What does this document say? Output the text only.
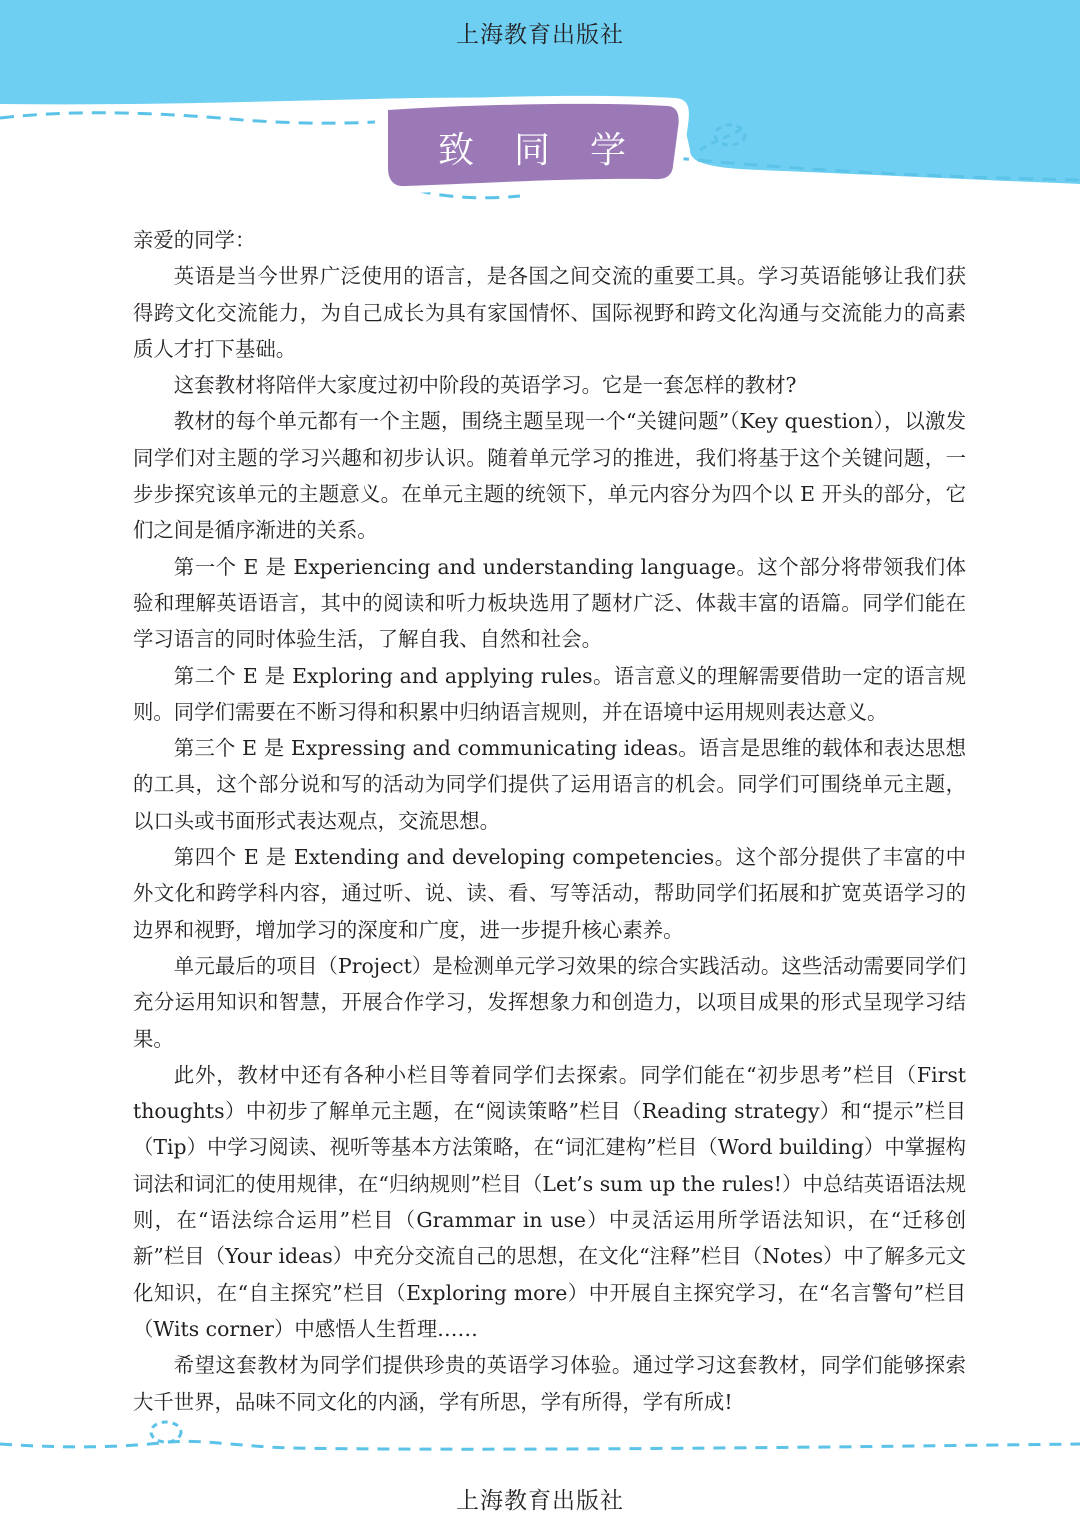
上海教育出版社
致同学

亲爱的同学：

英语是当今世界广泛使用的语言，是各国之间交流的重要工具。学习英语能够让我们获得跨文化交流能力，为自己成长为具有家国情怀、国际视野和跨文化沟通与交流能力的高素质人才打下基础。

这套教材将陪伴大家度过初中阶段的英语学习。它是一套怎样的教材?

教材的每个单元都有一个主题，围绕主题呈现一个“关键问题”（Key question），以激发同学们对主题的学习兴趣和初步认识。随着单元学习的推进，我们将基于这个关键问题，一步步探究该单元的主题意义。在单元主题的统领下，单元内容分为四个以 E 开头的部分，它们之间是循序渐进的关系。

第一个 E 是 Experiencing and understanding language。这个部分将带领我们体验和理解英语语言，其中的阅读和听力板块选用了题材广泛、体裁丰富的语篇。同学们能在学习语言的同时体验生活，了解自我、自然和社会。

第二个 E 是 Exploring and applying rules。语言意义的理解需要借助一定的语言规则。同学们需要在不断习得和积累中归纳语言规则，并在语境中运用规则表达意义。

第三个 E 是 Expressing and communicating ideas。语言是思维的载体和表达思想的工具，这个部分说和写的活动为同学们提供了运用语言的机会。同学们可围绕单元主题，以口头或书面形式表达观点，交流思想。

第四个 E 是 Extending and developing competencies。这个部分提供了丰富的中外文化和跨学科内容，通过听、说、读、看、写等活动，帮助同学们拓展和扩宽英语学习的边界和视野，增加学习的深度和广度，进一步提升核心素养。

单元最后的项目（Project）是检测单元学习效果的综合实践活动。这些活动需要同学们充分运用知识和智慧，开展合作学习，发挥想象力和创造力，以项目成果的形式呈现学习结果。

此外，教材中还有各种小栏目等着同学们去探索。同学们能在“初步思考”栏目（First thoughts）中初步了解单元主题，在“阅读策略”栏目（Reading strategy）和“提示”栏目（Tip）中学习阅读、视听等基本方法策略，在“词汇建构”栏目（Word building）中掌握构词法和词汇的使用规律，在“归纳规则”栏目（Let’s sum up the rules!）中总结英语语法规则，在“语法综合运用”栏目（Grammar in use）中灵活运用所学语法知识，在“迁移创新”栏目（Your ideas）中充分交流自己的思想，在文化“注释”栏目（Notes）中了解多元文化知识，在“自主探究”栏目（Exploring more）中开展自主探究学习，在“名言警句”栏目（Wits corner）中感悟人生哲理……

希望这套教材为同学们提供珍贵的英语学习体验。通过学习这套教材，同学们能够探索大千世界，品味不同文化的内涵，学有所思，学有所得，学有所成!

上海教育出版社
